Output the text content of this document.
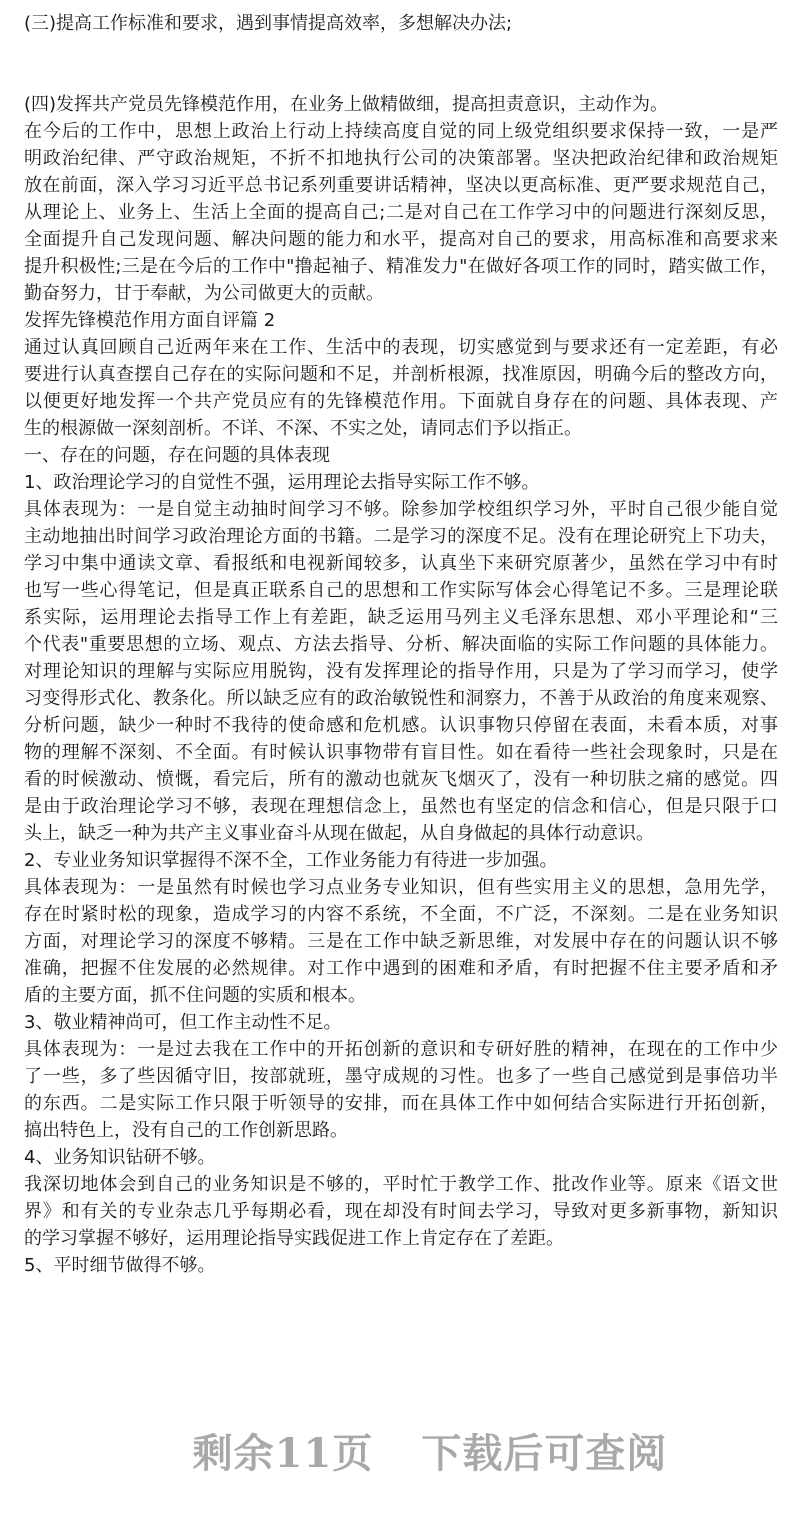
(三)提高工作标准和要求，遇到事情提高效率，多想解决办法;
(四)发挥共产党员先锋模范作用，在业务上做精做细，提高担责意识，主动作为。
在今后的工作中，思想上政治上行动上持续高度自觉的同上级党组织要求保持一致，一是严
明政治纪律、严守政治规矩，不折不扣地执行公司的决策部署。坚决把政治纪律和政治规矩
放在前面，深入学习习近平总书记系列重要讲话精神，坚决以更高标准、更严要求规范自己，
从理论上、业务上、生活上全面的提高自己;二是对自己在工作学习中的问题进行深刻反思，
全面提升自己发现问题、解决问题的能力和水平，提高对自己的要求，用高标准和高要求来
提升积极性;三是在今后的工作中"撸起袖子、精准发力"在做好各项工作的同时，踏实做工作，
勤奋努力，甘于奉献，为公司做更大的贡献。
发挥先锋模范作用方面自评篇 2
通过认真回顾自己近两年来在工作、生活中的表现，切实感觉到与要求还有一定差距，有必
要进行认真查摆自己存在的实际问题和不足，并剖析根源，找准原因，明确今后的整改方向，
以便更好地发挥一个共产党员应有的先锋模范作用。下面就自身存在的问题、具体表现、产
生的根源做一深刻剖析。不详、不深、不实之处，请同志们予以指正。
一、存在的问题，存在问题的具体表现
1、政治理论学习的自觉性不强，运用理论去指导实际工作不够。
具体表现为：一是自觉主动抽时间学习不够。除参加学校组织学习外，平时自己很少能自觉
主动地抽出时间学习政治理论方面的书籍。二是学习的深度不足。没有在理论研究上下功夫，
学习中集中通读文章、看报纸和电视新闻较多，认真坐下来研究原著少，虽然在学习中有时
也写一些心得笔记，但是真正联系自己的思想和工作实际写体会心得笔记不多。三是理论联
系实际，运用理论去指导工作上有差距，缺乏运用马列主义毛泽东思想、邓小平理论和“三
个代表"重要思想的立场、观点、方法去指导、分析、解决面临的实际工作问题的具体能力。
对理论知识的理解与实际应用脱钩，没有发挥理论的指导作用，只是为了学习而学习，使学
习变得形式化、教条化。所以缺乏应有的政治敏锐性和洞察力，不善于从政治的角度来观察、
分析问题，缺少一种时不我待的使命感和危机感。认识事物只停留在表面，未看本质，对事
物的理解不深刻、不全面。有时候认识事物带有盲目性。如在看待一些社会现象时，只是在
看的时候激动、愤慨，看完后，所有的激动也就灰飞烟灭了，没有一种切肤之痛的感觉。四
是由于政治理论学习不够，表现在理想信念上，虽然也有坚定的信念和信心，但是只限于口
头上，缺乏一种为共产主义事业奋斗从现在做起，从自身做起的具体行动意识。
2、专业业务知识掌握得不深不全，工作业务能力有待进一步加强。
具体表现为：一是虽然有时候也学习点业务专业知识，但有些实用主义的思想，急用先学，
存在时紧时松的现象，造成学习的内容不系统，不全面，不广泛，不深刻。二是在业务知识
方面，对理论学习的深度不够精。三是在工作中缺乏新思维，对发展中存在的问题认识不够
准确，把握不住发展的必然规律。对工作中遇到的困难和矛盾，有时把握不住主要矛盾和矛
盾的主要方面，抓不住问题的实质和根本。
3、敬业精神尚可，但工作主动性不足。
具体表现为：一是过去我在工作中的开拓创新的意识和专研好胜的精神，在现在的工作中少
了一些，多了些因循守旧，按部就班，墨守成规的习性。也多了一些自己感觉到是事倍功半
的东西。二是实际工作只限于听领导的安排，而在具体工作中如何结合实际进行开拓创新，
搞出特色上，没有自己的工作创新思路。
4、业务知识钻研不够。
我深切地体会到自己的业务知识是不够的，平时忙于教学工作、批改作业等。原来《语文世
界》和有关的专业杂志几乎每期必看，现在却没有时间去学习，导致对更多新事物，新知识
的学习掌握不够好，运用理论指导实践促进工作上肯定存在了差距。
5、平时细节做得不够。
剩余11页 下载后可查阅
